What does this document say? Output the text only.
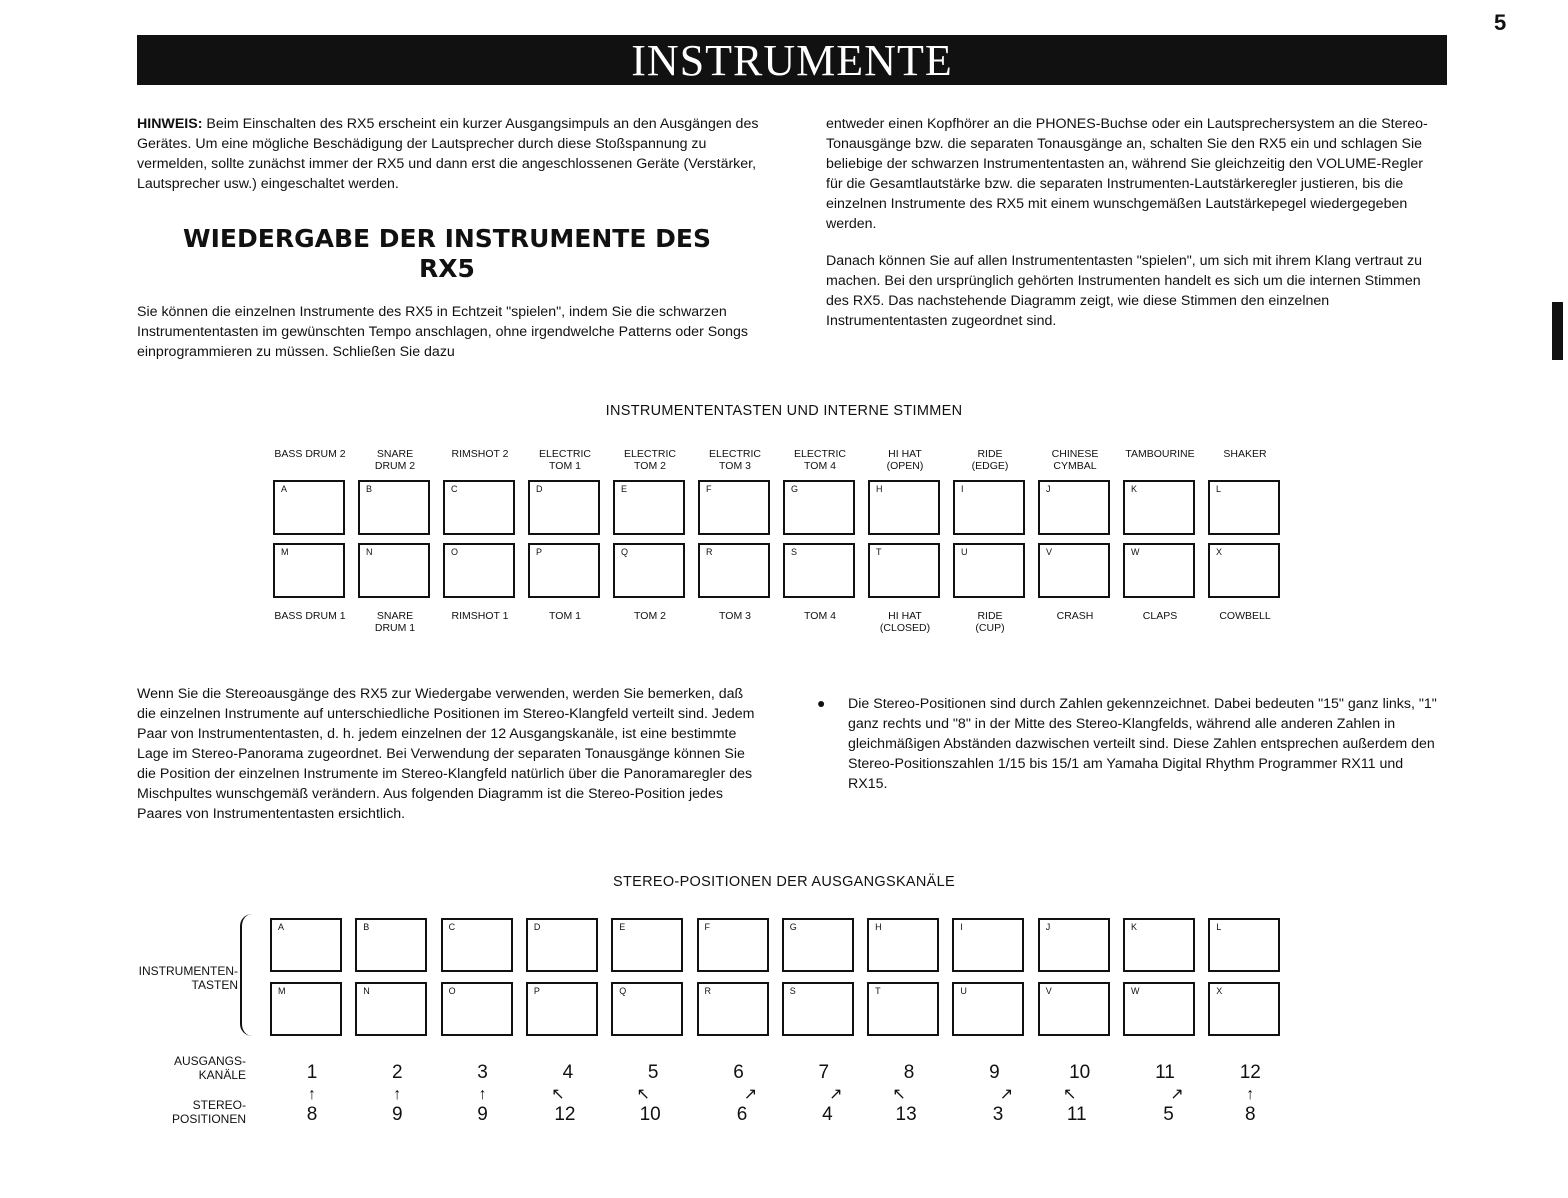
5
INSTRUMENTE

HINWEIS: Beim Einschalten des RX5 erscheint ein kurzer Ausgangsimpuls an den Ausgängen des Gerätes. Um eine mögliche Beschädigung der Lautsprecher durch diese Stoßspannung zu vermelden, sollte zunächst immer der RX5 und dann erst die angeschlossenen Geräte (Verstärker, Lautsprecher usw.) eingeschaltet werden.

WIEDERGABE DER INSTRUMENTE DES
RX5

Sie können die einzelnen Instrumente des RX5 in Echtzeit "spielen", indem Sie die schwarzen Instrumententasten im gewünschten Tempo anschlagen, ohne irgendwelche Patterns oder Songs einprogrammieren zu müssen. Schließen Sie dazu

entweder einen Kopfhörer an die PHONES-Buchse oder ein Lautsprechersystem an die Stereo-Tonausgänge bzw. die separaten Tonausgänge an, schalten Sie den RX5 ein und schlagen Sie beliebige der schwarzen Instrumententasten an, während Sie gleichzeitig den VOLUME-Regler für die Gesamtlautstärke bzw. die separaten Instrumenten-Lautstärkeregler justieren, bis die einzelnen Instrumente des RX5 mit einem wunschgemäßen Lautstärkepegel wiedergegeben werden.

Danach können Sie auf allen Instrumententasten "spielen", um sich mit ihrem Klang vertraut zu machen. Bei den ursprünglich gehörten Instrumenten handelt es sich um die internen Stimmen des RX5. Das nachstehende Diagramm zeigt, wie diese Stimmen den einzelnen Instrumententasten zugeordnet sind.

INSTRUMENTENTASTEN UND INTERNE STIMMEN
BASS DRUM 2
A
M
BASS DRUM 1
SNARE
DRUM 2
B
N
SNARE
DRUM 1
RIMSHOT 2
C
O
RIMSHOT 1
ELECTRIC
TOM 1
D
P
TOM 1
ELECTRIC
TOM 2
E
Q
TOM 2
ELECTRIC
TOM 3
F
R
TOM 3
ELECTRIC
TOM 4
G
S
TOM 4
HI HAT
(OPEN)
H
T
HI HAT
(CLOSED)
RIDE
(EDGE)
I
U
RIDE
(CUP)
CHINESE
CYMBAL
J
V
CRASH
TAMBOURINE
K
W
CLAPS
SHAKER
L
X
COWBELL

Wenn Sie die Stereoausgänge des RX5 zur Wiedergabe verwenden, werden Sie bemerken, daß die einzelnen Instrumente auf unterschiedliche Positionen im Stereo-Klangfeld verteilt sind. Jedem Paar von Instrumententasten, d. h. jedem einzelnen der 12 Ausgangskanäle, ist eine bestimmte Lage im Stereo-Panorama zugeordnet. Bei Verwendung der separaten Tonausgänge können Sie die Position der einzelnen Instrumente im Stereo-Klangfeld natürlich über die Panoramaregler des Mischpultes wunschgemäß verändern. Aus folgenden Diagramm ist die Stereo-Position jedes Paares von Instrumententasten ersichtlich.

● Die Stereo-Positionen sind durch Zahlen gekennzeichnet. Dabei bedeuten "15" ganz links, "1" ganz rechts und "8" in der Mitte des Stereo-Klangfelds, während alle anderen Zahlen in gleichmäßigen Abständen dazwischen verteilt sind. Diese Zahlen entsprechen außerdem den Stereo-Positionszahlen 1/15 bis 15/1 am Yamaha Digital Rhythm Programmer RX11 und RX15.

STEREO-POSITIONEN DER AUSGANGSKANÄLE
INSTRUMENTEN-
TASTEN
AUSGANGS-
KANÄLE
STEREO-
POSITIONEN
A
M
1
↑
8
B
N
2
↑
9
C
O
3
↑
9
D
P
4
↖
12
E
Q
5
↖
10
F
R
6
↗
6
G
S
7
↗
4
H
T
8
↖
13
I
U
9
↗
3
J
V
10
↖
11
K
W
11
↗
5
L
X
12
↑
8
